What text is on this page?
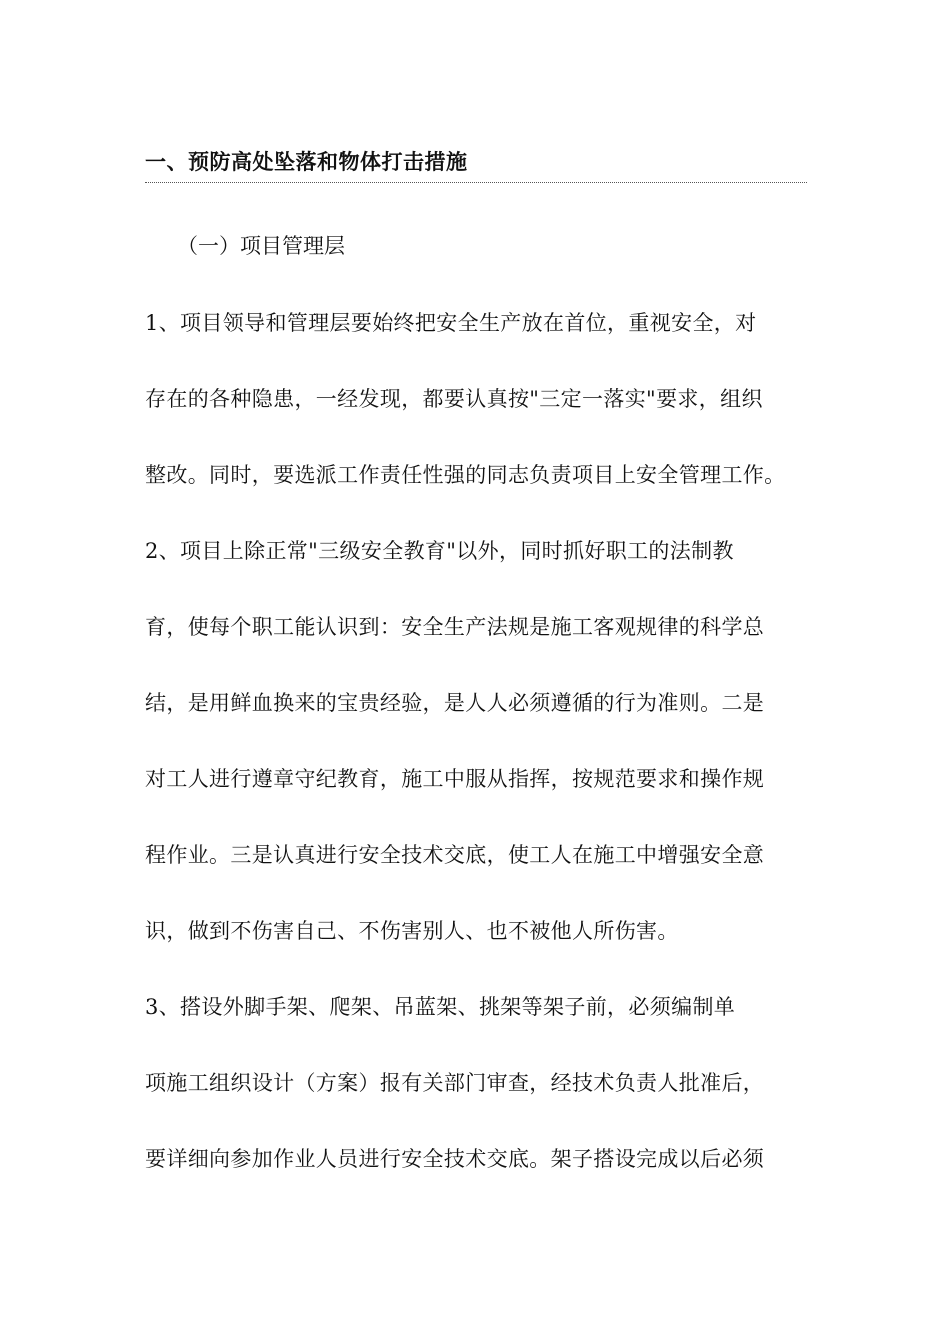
一、预防高处坠落和物体打击措施
（一）项目管理层
1、项目领导和管理层要始终把安全生产放在首位，重视安全，对
存在的各种隐患，一经发现，都要认真按"三定一落实"要求，组织
整改。同时，要选派工作责任性强的同志负责项目上安全管理工作。
2、项目上除正常"三级安全教育"以外，同时抓好职工的法制教
育，使每个职工能认识到：安全生产法规是施工客观规律的科学总
结，是用鲜血换来的宝贵经验，是人人必须遵循的行为准则。二是
对工人进行遵章守纪教育，施工中服从指挥，按规范要求和操作规
程作业。三是认真进行安全技术交底，使工人在施工中增强安全意
识，做到不伤害自己、不伤害别人、也不被他人所伤害。
3、搭设外脚手架、爬架、吊蓝架、挑架等架子前，必须编制单
项施工组织设计（方案）报有关部门审查，经技术负责人批准后，
要详细向参加作业人员进行安全技术交底。架子搭设完成以后必须
